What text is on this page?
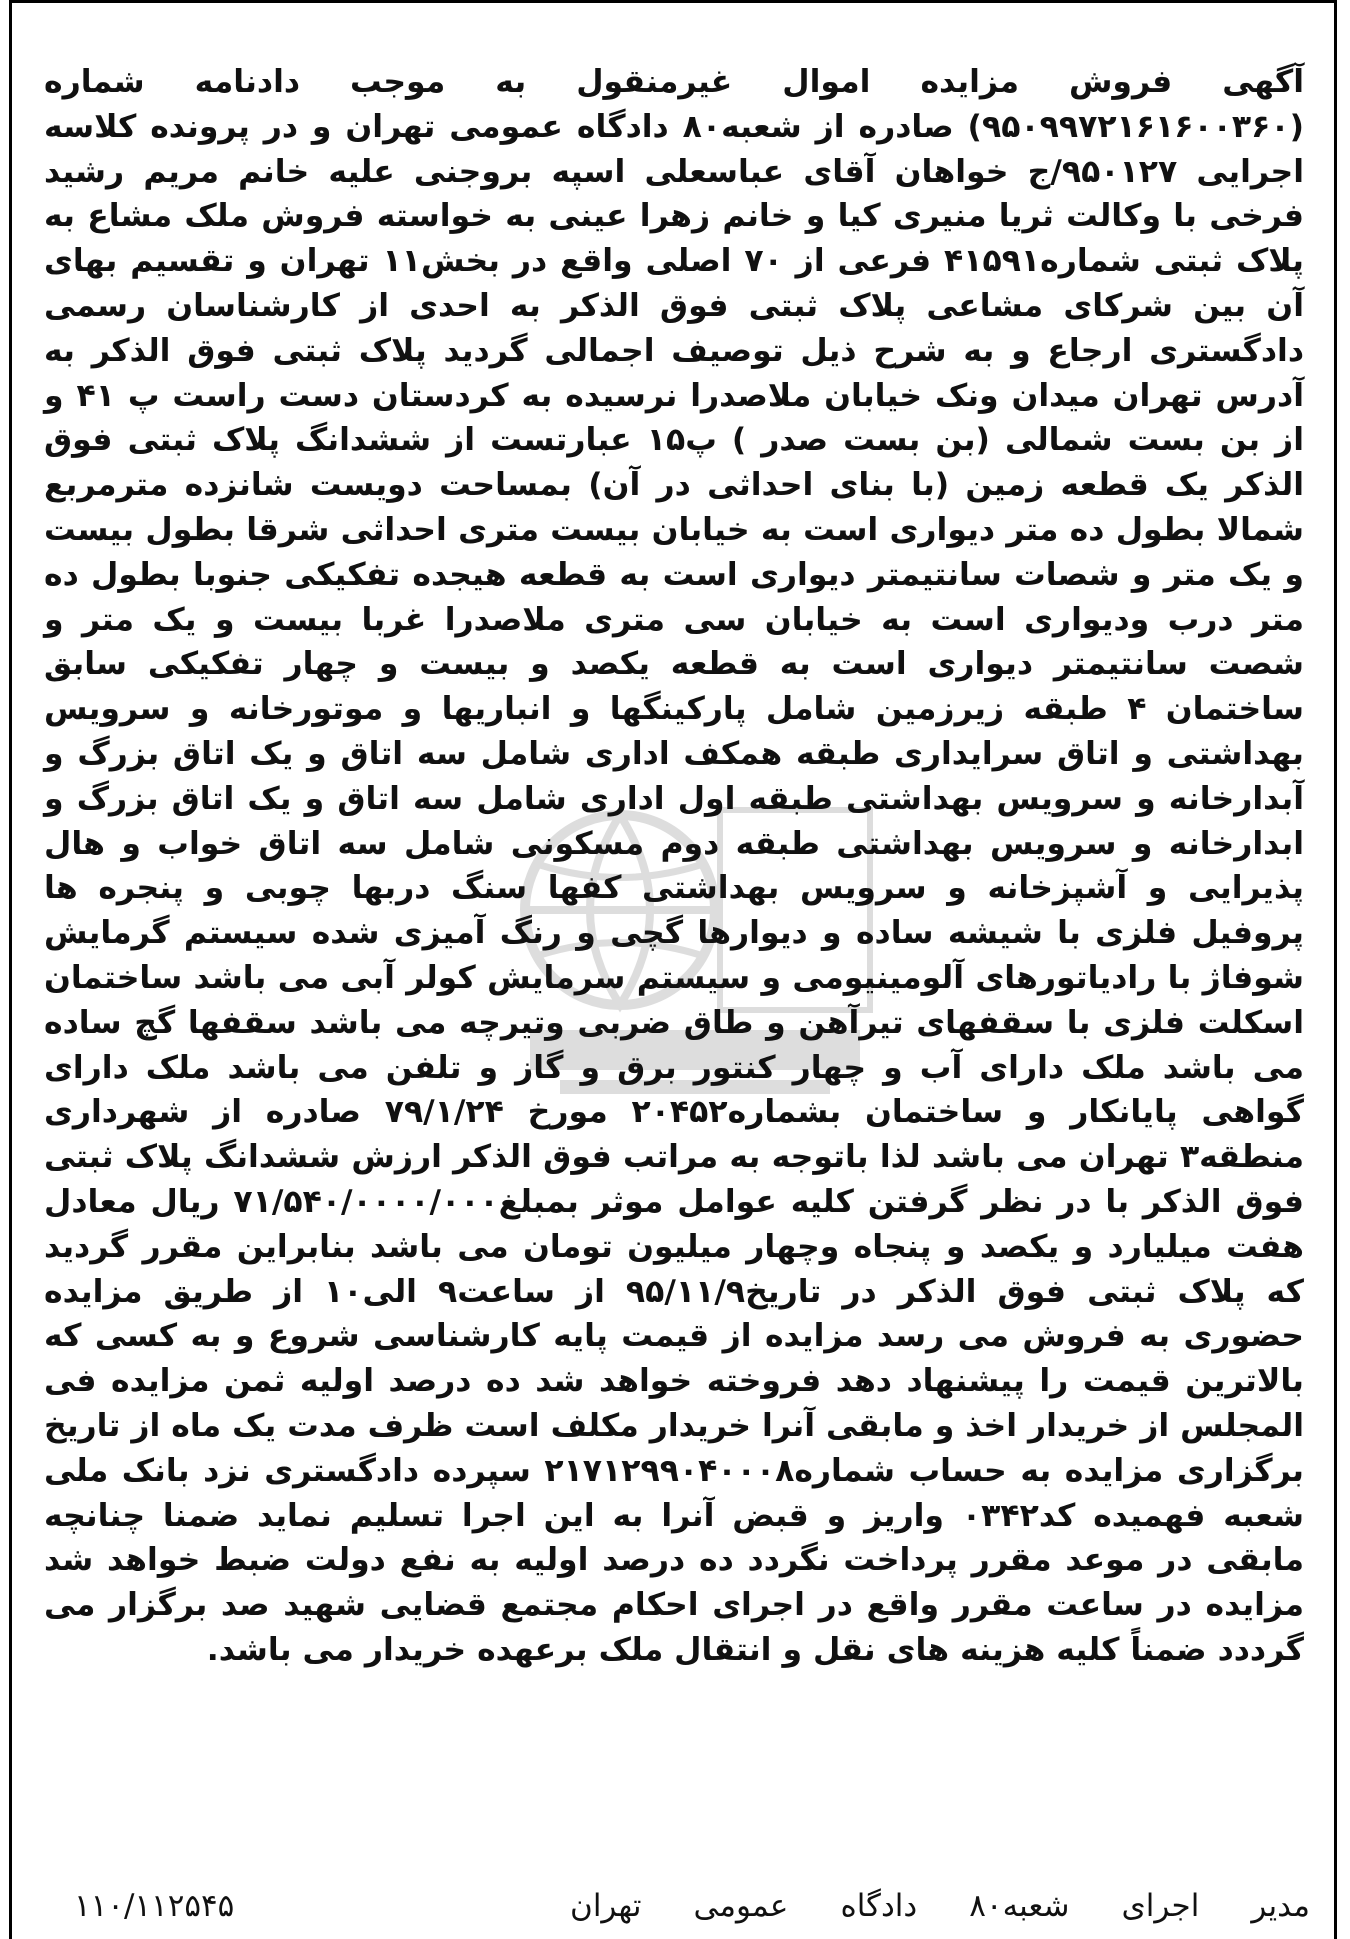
آگهی فروش مزایده اموال غیرمنقول به موجب دادنامه شماره (۹۵۰۹۹۷۲۱۶۱۶۰۰۳۶۰) صادره از شعبه۸۰ دادگاه عمومی تهران و در پرونده کلاسه اجرایی ۹۵۰۱۲۷/ج خواهان آقای عباسعلی اسپه بروجنی علیه خانم مریم رشید فرخی با وکالت ثریا منیری کیا و خانم زهرا عینی به خواسته فروش ملک مشاع به پلاک ثبتی شماره۴۱۵۹۱ فرعی از ۷۰ اصلی واقع در بخش۱۱ تهران و تقسیم بهای آن بین شرکای مشاعی پلاک ثبتی فوق الذکر به احدی از کارشناسان رسمی دادگستری ارجاع و به شرح ذیل توصیف اجمالی گردید پلاک ثبتی فوق الذکر به آدرس تهران میدان ونک خیابان ملاصدرا نرسیده به کردستان دست راست پ ۴۱ و از بن بست شمالی (بن بست صدر ) پ۱۵ عبارتست از ششدانگ پلاک ثبتی فوق الذکر یک قطعه زمین (با بنای احداثی در آن) بمساحت دویست شانزده مترمربع شمالا بطول ده متر دیواری است به خیابان بیست متری احداثی شرقا بطول بیست و یک متر و شصات سانتیمتر دیواری است به قطعه هیجده تفکیکی جنوبا بطول ده متر درب ودیواری است به خیابان سی متری ملاصدرا غربا بیست و یک متر و شصت سانتیمتر دیواری است به قطعه یکصد و بیست و چهار تفکیکی سابق ساختمان ۴ طبقه زیرزمین شامل پارکینگها و انباریها و موتورخانه و سرویس بهداشتی و اتاق سرایداری طبقه همکف اداری شامل سه اتاق و یک اتاق بزرگ و آبدارخانه و سرویس بهداشتی طبقه اول اداری شامل سه اتاق و یک اتاق بزرگ و ابدارخانه و سرویس بهداشتی طبقه دوم مسکونی شامل سه اتاق خواب و هال پذیرایی و آشپزخانه و سرویس بهداشتی کفها سنگ دربها چوبی و پنجره ها پروفیل فلزی با شیشه ساده و دیوارها گچی و رنگ آمیزی شده سیستم گرمایش شوفاژ با رادیاتورهای آلومینیومی و سیستم سرمایش کولر آبی می باشد ساختمان اسکلت فلزی با سقفهای تیرآهن و طاق ضربی وتیرچه می باشد سقفها گچ ساده می باشد ملک دارای آب و چهار کنتور برق و گاز و تلفن می باشد ملک دارای گواهی پایانکار و ساختمان بشماره۲۰۴۵۲ مورخ ۷۹/۱/۲۴ صادره از شهرداری منطقه۳ تهران می باشد لذا باتوجه به مراتب فوق الذکر ارزش ششدانگ پلاک ثبتی فوق الذکر با در نظر گرفتن کلیه عوامل موثر بمبلغ۷۱/۵۴۰/۰۰۰۰/۰۰۰ ریال معادل هفت میلیارد و یکصد و پنجاه وچهار میلیون تومان می باشد بنابراین مقرر گردید که پلاک ثبتی فوق الذکر در تاریخ۹۵/۱۱/۹ از ساعت۹ الی۱۰ از طریق مزایده حضوری به فروش می رسد مزایده از قیمت پایه کارشناسی شروع و به کسی که بالاترین قیمت را پیشنهاد دهد فروخته خواهد شد ده درصد اولیه ثمن مزایده فی المجلس از خریدار اخذ و مابقی آنرا خریدار مکلف است ظرف مدت یک ماه از تاریخ برگزاری مزایده به حساب شماره۲۱۷۱۲۹۹۰۴۰۰۰۸ سپرده دادگستری نزد بانک ملی شعبه فهمیده کد۰۳۴۲ واریز و قبض آنرا به این اجرا تسلیم نماید ضمنا چنانچه مابقی در موعد مقرر پرداخت نگردد ده درصد اولیه به نفع دولت ضبط خواهد شد مزایده در ساعت مقرر واقع در اجرای احکام مجتمع قضایی شهید صد برگزار می گرددد ضمناً کلیه هزینه های نقل و انتقال ملک برعهده خریدار می باشد.

مدیر
اجرای
شعبه۸۰
دادگاه
عمومی
تهران
۱۱۰/۱۱۲۵۴۵
